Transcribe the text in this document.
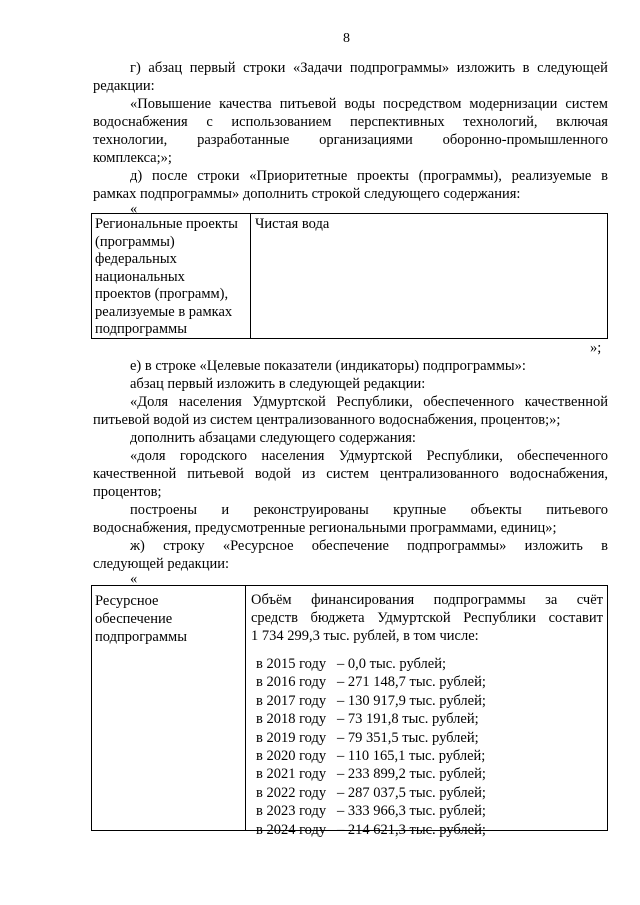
8
г) абзац первый строки «Задачи подпрограммы» изложить в следующей
редакции:
«Повышение качества питьевой воды посредством модернизации систем
водоснабжения с использованием перспективных технологий, включая
технологии, разработанные организациями оборонно-промышленного
комплекса;»;
д) после строки «Приоритетные проекты (программы), реализуемые в
рамках подпрограммы» дополнить строкой следующего содержания:
«
Региональные проекты
(программы)
федеральных
национальных
проектов (программ),
реализуемые в рамках
подпрограммы
Чистая вода
»;
е) в строке «Целевые показатели (индикаторы) подпрограммы»:
абзац первый изложить в следующей редакции:
«Доля населения Удмуртской Республики, обеспеченного качественной
питьевой водой из систем централизованного водоснабжения, процентов;»;
дополнить абзацами следующего содержания:
«доля городского населения Удмуртской Республики, обеспеченного
качественной питьевой водой из систем централизованного водоснабжения,
процентов;
построены и реконструированы крупные объекты питьевого
водоснабжения, предусмотренные региональными программами, единиц»;
ж) строку «Ресурсное обеспечение подпрограммы» изложить в
следующей редакции:
«
Ресурсное
обеспечение
подпрограммы
Объём финансирования подпрограммы за счёт
средств бюджета Удмуртской Республики составит
1 734 299,3 тыс. рублей, в том числе:
в 2015 году   – 0,0 тыс. рублей;
в 2016 году   – 271 148,7 тыс. рублей;
в 2017 году   – 130 917,9 тыс. рублей;
в 2018 году   – 73 191,8 тыс. рублей;
в 2019 году   – 79 351,5 тыс. рублей;
в 2020 году   – 110 165,1 тыс. рублей;
в 2021 году   – 233 899,2 тыс. рублей;
в 2022 году   – 287 037,5 тыс. рублей;
в 2023 году   – 333 966,3 тыс. рублей;
в 2024 году   – 214 621,3 тыс. рублей;
